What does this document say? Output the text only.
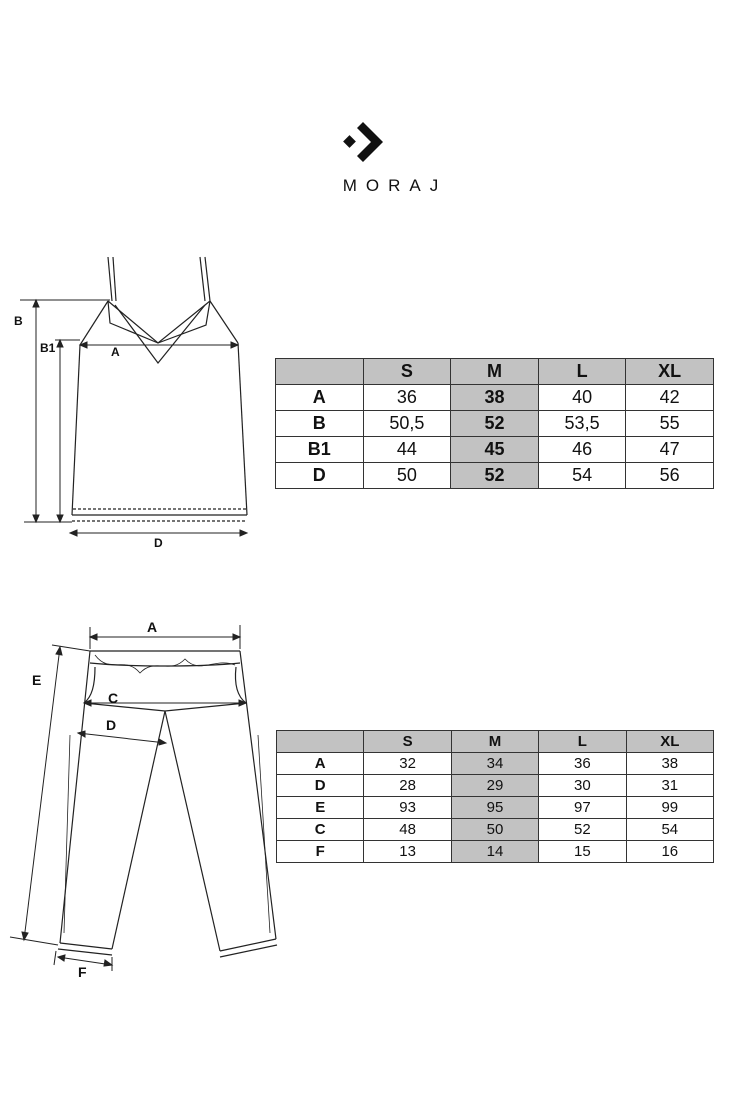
MORAJ
B
B1	A
D
	S	M	L	XL
A	36	38	40	42
B	50,5	52	53,5	55
B1	44	45	46	47
D	50	52	54	56
A
E
C
D
F
	S	M	L	XL
A	32	34	36	38
D	28	29	30	31
E	93	95	97	99
C	48	50	52	54
F	13	14	15	16
